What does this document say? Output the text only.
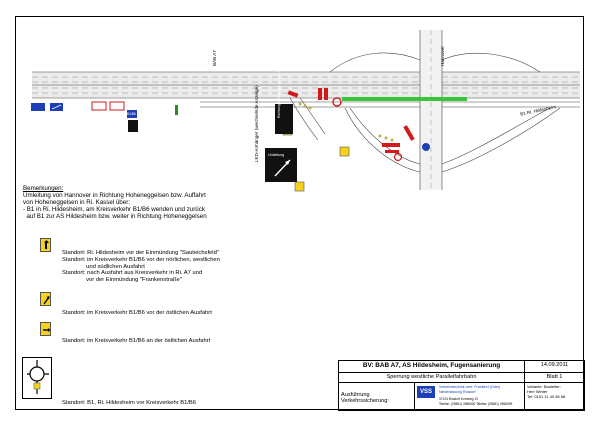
BAB A7
B1 Ri. Hildesheim
Hannover
LED-Anhänger (wechselnde Anzeige)	Richtung Hildesheim gesperrt
Umleitung
B1/B6
Bemerkungen:
Umleitung von Hannover in Richtung Hoheneggelsen bzw. Auffahrt
von Hoheneggelsen in Ri. Kassel über:
- B1 in Ri. Hildesheim, am Kreisverkehr B1/B6 wenden und zurück
auf B1 zur AS Hildesheim bzw. weiter in Richtung Hoheneggelsen
Standort: Ri. Hildesheim vor der Einmündung "Sauteichsfeld"
Standort: im Kreisverkehr B1/B6 vor der nörlichen, westlichen
und südlichen Ausfahrt
Standort: nach Ausfahrt aus Kreisverkehr in Ri. A7 und
vor der Einmündung "Frankenstraße"
Standort: im Kreisverkehr B1/B6 vor der östlichen Ausfahrt
Standort: im Kreisverkehr B1/B6 an der östlichen Ausfahrt
Standort: B1, Ri. Hildesheim vor Kreisverkehr B1/B6
BV: BAB A7, AS Hildesheim, Fugensanierung	14.09.2011
Sperrung westliche Parallelfahrbahn	Blatt 1
Ausführung Verkehrssicherung:
VSS
Verkehrstechnik ceer. Frankfurt (Oder)
Niederlassung Rosdorf
37124 Rosdorf Kornweg 13
Telefon: (05561) 4966000 Telefax: (05561) 4966099
Variante: Bauleiter:
Herr Winter
Tel: 0151 11 40 48 88
